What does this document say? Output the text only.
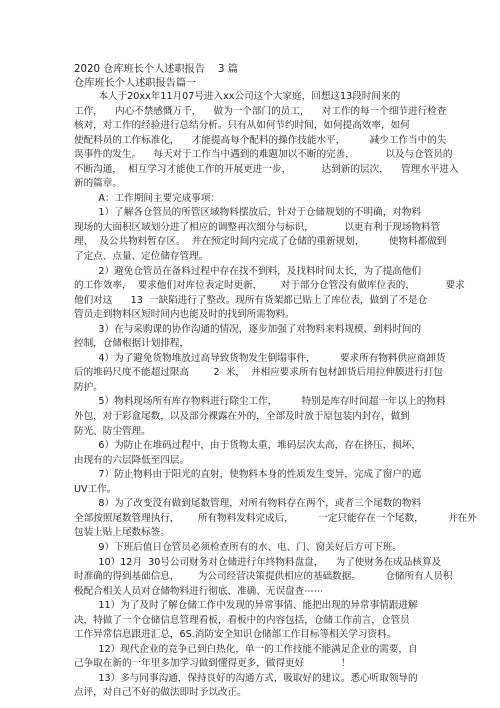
2020 仓库班长个人述职报告    3 篇
仓库班长个人述职报告篇一
本人于20xx年11月07号进入xx公司这个大家庭，回想这13段时间来的
工作，    内心不禁感慨万千，    做为一个部门的员工，    对工作的每一个细节进行检查
核对，对工作的经验进行总结分析。只有从如何节约时间，如何提高效率，如何
使配料员的工作标准化，    才能提高每个配料的操作技能水平，        减少工作当中的失
误事件的发生。    每天对于工作当中遇到的难题加以不断的完善，          以及与仓管员的
不断沟通，  相互学习才能使工作的开展更进一步，          达到新的层次，    管理水平进入
新的篇章。
A：工作期间主要完成事项：
1）了解各仓管员的所管区域物料摆放后，针对于仓储规划的不明确，对物料
现场的大面积区域划分进了相应的调整再次细分与标识，          以更有利于现场物料管
理、  及公共物料暂存区。  并在预定时间内完成了仓储的重新规划，        使物料都做到
了定点、点量、定位储存管理。
2）避免仓管员在备料过程中存在找不到料，及找料时间太长，为了提高他们
的工作效率，  要求他们对库位表定时更新，      对于部分仓管没有做库位表的，          要求
他们对这      13  一缺陷进行了整改。现所有货架都已贴上了库位表，做到了不是仓
管员走到物料区短时间内也能及时的找到所需物料。
3）在与采购课的协作沟通的情况，逐步加强了对物料来料规模、到料时间的
控制，仓储根据计划排程，
4）为了避免货物堆放过高导致货物发生倒塌事件，        要求所有物料供应商卸货
后的堆码尺度不能超过限高        2  米，  并相应要求所有包材卸货后用拉伸膜进行打包
防护。
5）物料现场所有库存物料进行除尘工作，        特别是库存时间超一年以上的物料
外包，对于彩盒尾数，以及部分裸露在外的，全部及时放于原包装内封存，做到
防光、防尘管理。
6）为防止在堆码过程中，由于货物太重，堆码层次太高，存在挤压，损坏，
由现有的六层降低至四层。
7）防止物料由于阳光的直射，使物料本身的性质发生变异，完成了窗户的遮
UV工作。
8）为了改变没有做到尾数管理，对所有物料存在两个，或者三个尾数的物料
全部按照尾数管理执行，      所有物料发料完成后，        一定只能存在一个尾数，        并在外
包装上贴上尾数标签。
9）下班后值日仓管员必须检查所有的水、电、门、窗关好后方可下班。
10）12月  30号公司财务对仓储进行年终物料盘盘，    为了使财务在成品核算及
时准确的得到基础信息，      为公司经营决策提供相应的基础数据。        仓储所有人员积
极配合相关人员对仓储物料进行彻底、准确、无误盘查⋯⋯
11）为了及时了解仓储工作中发现的异常事情、能把出现的异常事情跟进解
决，特做了一个仓储信息管理看板，看板中的内容包括，仓储工作前言，仓管员
工作异常信息跟进汇总，6S.消防安全知识仓储部工作目标等相关学习资料。
12）现代企业的竞争已到白热化，单一的工作技能不能满足企业的需要，自
己争取在新的一年里多加学习做到懂得更多，做得更好            ！
13）多与同事沟通，保持良好的沟通方式，吸取好的建议。悉心听取领导的
点评，对自己不好的做法即时予以改正。
